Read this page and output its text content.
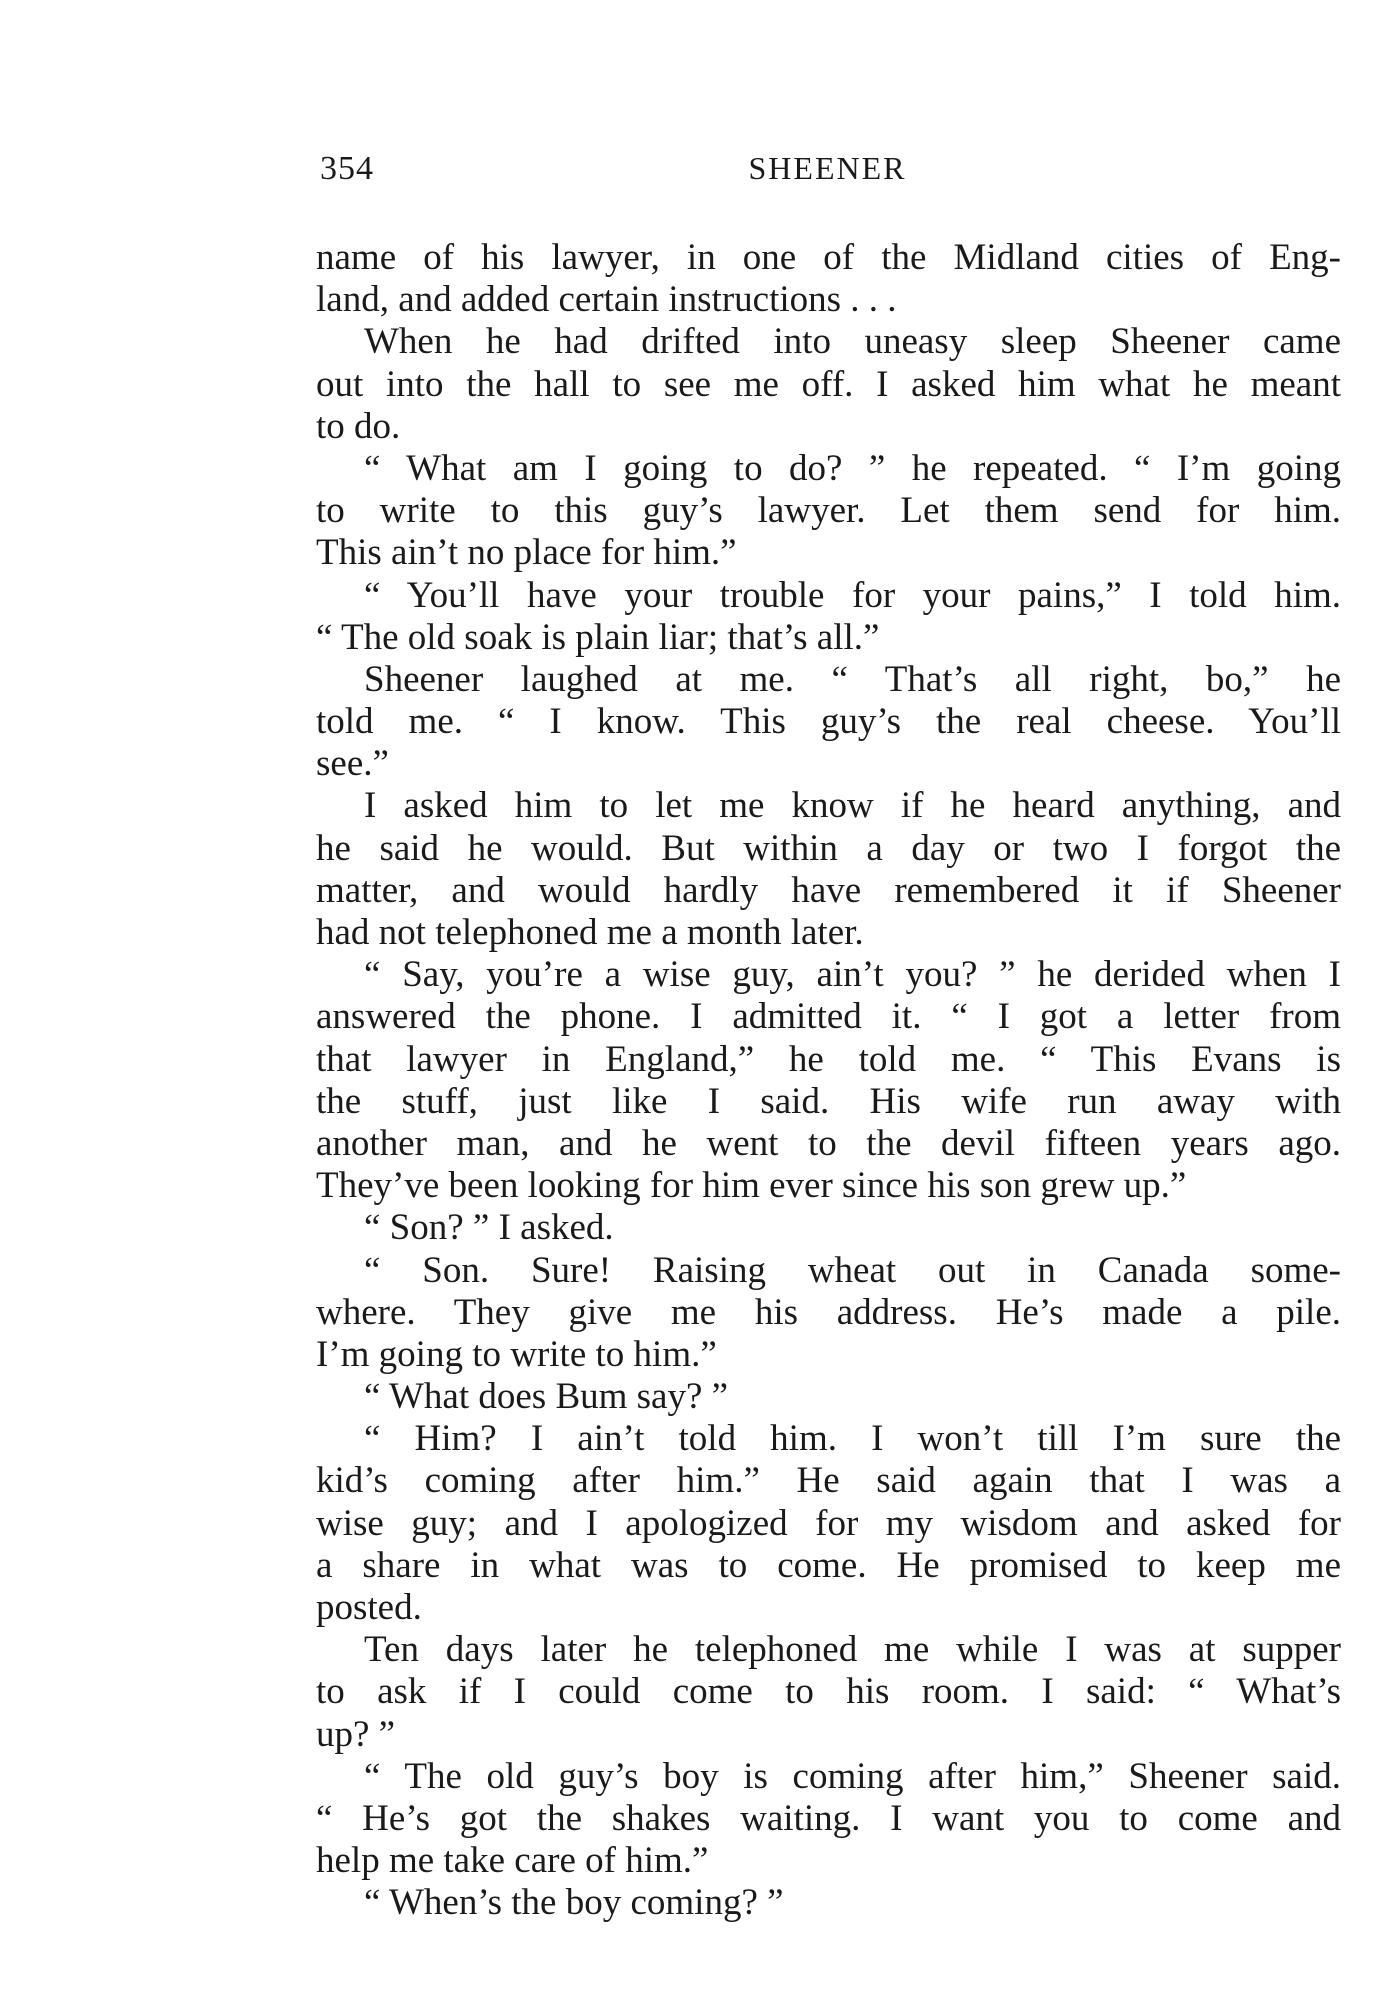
354	SHEENER
name of his lawyer, in one of the Midland cities of Eng-
land, and added certain instructions . . .
When he had drifted into uneasy sleep Sheener came
out into the hall to see me off. I asked him what he meant
to do.
“ What am I going to do? ” he repeated. “ I’m going
to write to this guy’s lawyer. Let them send for him.
This ain’t no place for him.”
“ You’ll have your trouble for your pains,” I told him.
“ The old soak is plain liar; that’s all.”
Sheener laughed at me. “ That’s all right, bo,” he
told me. “ I know. This guy’s the real cheese. You’ll
see.”
I asked him to let me know if he heard anything, and
he said he would. But within a day or two I forgot the
matter, and would hardly have remembered it if Sheener
had not telephoned me a month later.
“ Say, you’re a wise guy, ain’t you? ” he derided when I
answered the phone. I admitted it. “ I got a letter from
that lawyer in England,” he told me. “ This Evans is
the stuff, just like I said. His wife run away with
another man, and he went to the devil fifteen years ago.
They’ve been looking for him ever since his son grew up.”
“ Son? ” I asked.
“ Son. Sure! Raising wheat out in Canada some-
where. They give me his address. He’s made a pile.
I’m going to write to him.”
“ What does Bum say? ”
“ Him? I ain’t told him. I won’t till I’m sure the
kid’s coming after him.” He said again that I was a
wise guy; and I apologized for my wisdom and asked for
a share in what was to come. He promised to keep me
posted.
Ten days later he telephoned me while I was at supper
to ask if I could come to his room. I said: “ What’s
up? ”
“ The old guy’s boy is coming after him,” Sheener said.
“ He’s got the shakes waiting. I want you to come and
help me take care of him.”
“ When’s the boy coming? ”
